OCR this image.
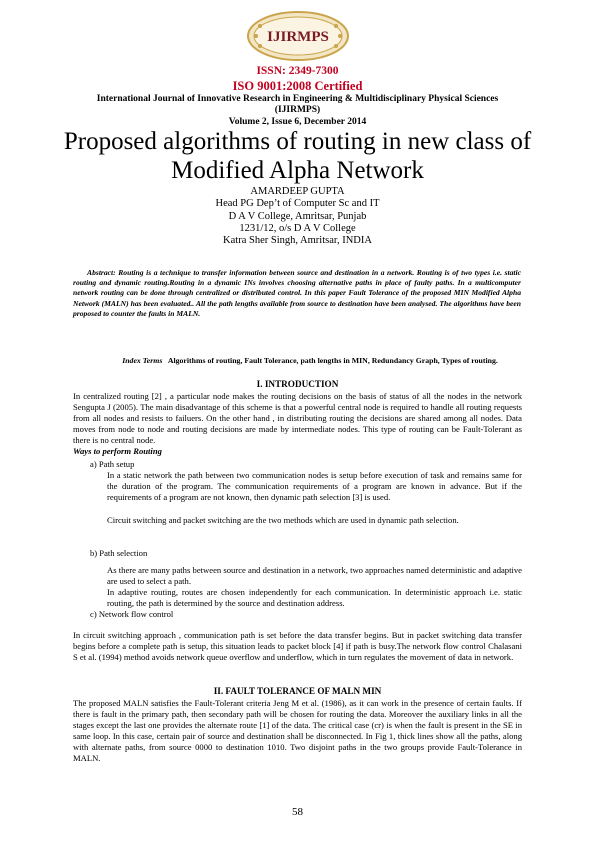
IJIRMPS
ISSN: 2349-7300
ISO 9001:2008 Certified
International Journal of Innovative Research in Engineering & Multidisciplinary Physical Sciences
(IJIRMPS)
Volume 2, Issue 6, December 2014
Proposed algorithms of routing in new class of
Modified Alpha Network
AMARDEEP GUPTA
Head PG Dep’t of Computer Sc and IT
D A V College, Amritsar, Punjab
1231/12, o/s D A V College
Katra Sher Singh, Amritsar, INDIA
Abstract: Routing is a technique to transfer information between source and destination in a network. Routing is of two types i.e. static routing and dynamic routing.Routing in a dynamic INs involves choosing alternative paths in place of faulty paths. In a multicomputer network routing can be done through centralized or distributed control. In this paper Fault Tolerance of the proposed MIN Modified Alpha Network (MALN) has been evaluated.. All the path lengths available from source to destination have been analysed. The algorithms have been proposed to counter the faults in MALN.
Index Terms Algorithms of routing, Fault Tolerance, path lengths in MIN, Redundancy Graph, Types of routing.
I. INTRODUCTION
In centralized routing [2] , a particular node makes the routing decisions on the basis of status of all the nodes in the network Sengupta J (2005). The main disadvantage of this scheme is that a powerful central node is required to handle all routing requests from all nodes and resists to failuers. On the other hand , in distributing routing the decisions are shared among all nodes. Data moves from node to node and routing decisions are made by intermediate nodes. This type of routing can be Fault-Tolerant as there is no central node.
Ways to perform Routing
a) Path setup
In a static network the path between two communication nodes is setup before execution of task and remains same for the duration of the program. The communication requirements of a program are known in advance. But if the requirements of a program are not known, then dynamic path selection [3] is used.
Circuit switching and packet switching are the two methods which are used in dynamic path selection.
b) Path selection
As there are many paths between source and destination in a network, two approaches named deterministic and adaptive are used to select a path.
In adaptive routing, routes are chosen independently for each communication. In deterministic approach i.e. static routing, the path is determined by the source and destination address.
c) Network flow control
In circuit switching approach , communication path is set before the data transfer begins. But in packet switching data transfer begins before a complete path is setup, this situation leads to packet block [4] if path is busy.The network flow control Chalasani S et al. (1994) method avoids network queue overflow and underflow, which in turn regulates the movement of data in network.
II. FAULT TOLERANCE OF MALN MIN
The proposed MALN satisfies the Fault-Tolerant criteria Jeng M et al. (1986), as it can work in the presence of certain faults. If there is fault in the primary path, then secondary path will be chosen for routing the data. Moreover the auxiliary links in all the stages except the last one provides the alternate route [1] of the data. The critical case (cr) is when the fault is present in the SE in same loop. In this case, certain pair of source and destination shall be disconnected. In Fig 1, thick lines show all the paths, along with alternate paths, from source 0000 to destination 1010. Two disjoint paths in the two groups provide Fault-Tolerance in MALN.
58
